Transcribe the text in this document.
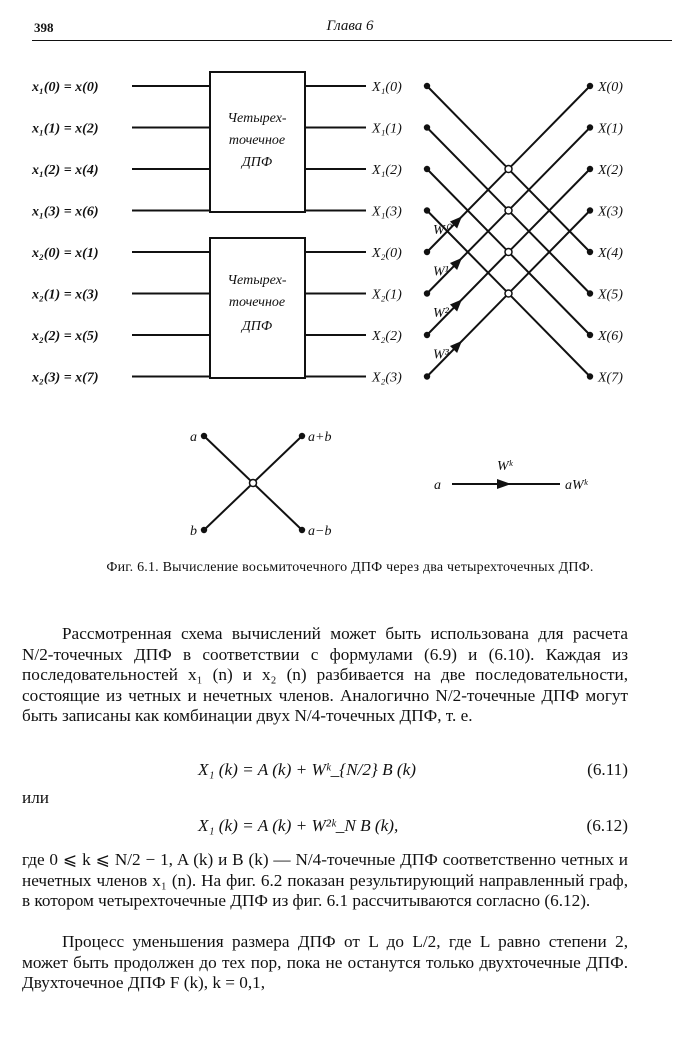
398	Глава 6
x₁(0) = x(0)
x₁(1) = x(2)
x₁(2) = x(4)
x₁(3) = x(6)
x₂(0) = x(1)
x₂(1) = x(3)
x₂(2) = x(5)
x₂(3) = x(7)
Четырех-
точечное
ДПФ
Четырех-
точечное
ДПФ
X₁(0)
X₁(1)
X₁(2)
X₁(3)
X₂(0)
X₂(1)
X₂(2)
X₂(3)
X(0)
X(1)
X(2)
X(3)
X(4)
X(5)
X(6)
X(7)
W⁰
W¹
W²
W³
a
b
a+b
a−b
a
Wᵏ
aWᵏ
Фиг. 6.1. Вычисление восьмиточечного ДПФ через два четырехточечных ДПФ.
Рассмотренная схема вычислений может быть использована для расчета N/2-точечных ДПФ в соответствии с формулами (6.9) и (6.10). Каждая из последовательностей x₁ (n) и x₂ (n) разбивается на две последовательности, состоящие из четных и нечетных членов. Аналогично N/2-точечные ДПФ могут быть записаны как комбинации двух N/4-точечных ДПФ, т. е.
X₁ (k) = A (k) + Wᵏ_{N/2} B (k)	(6.11)
или
X₁ (k) = A (k) + W²ᵏ_N B (k),	(6.12)
где 0 ⩽ k ⩽ N/2 − 1, A (k) и B (k) — N/4-точечные ДПФ соответственно четных и нечетных членов x₁ (n). На фиг. 6.2 показан результирующий направленный граф, в котором четырехточечные ДПФ из фиг. 6.1 рассчитываются согласно (6.12).
Процесс уменьшения размера ДПФ от L до L/2, где L равно степени 2, может быть продолжен до тех пор, пока не останутся только двухточечные ДПФ. Двухточечное ДПФ F (k), k = 0,1,
